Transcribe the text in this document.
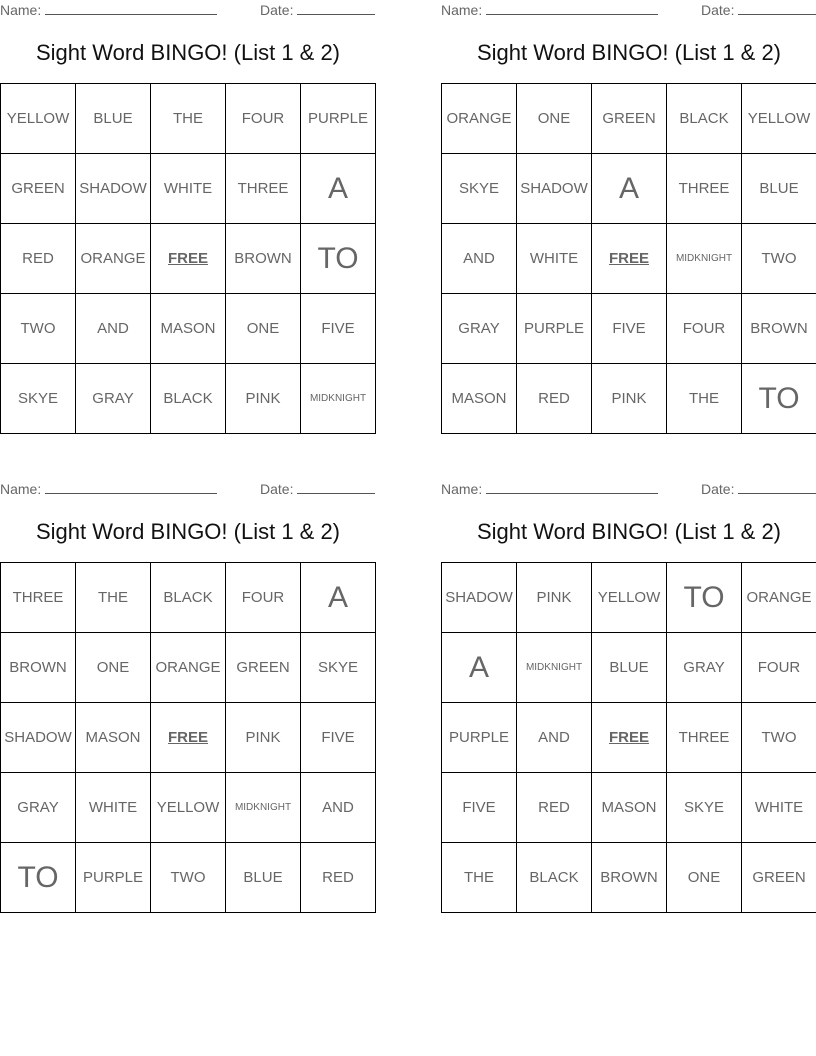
Name:	Date:
Sight Word BINGO! (List 1 & 2)
YELLOW	BLUE	THE	FOUR	PURPLE
GREEN	SHADOW	WHITE	THREE	A
RED	ORANGE	FREE	BROWN	TO
TWO	AND	MASON	ONE	FIVE
SKYE	GRAY	BLACK	PINK	MIDKNIGHT
Name:	Date:
Sight Word BINGO! (List 1 & 2)
ORANGE	ONE	GREEN	BLACK	YELLOW
SKYE	SHADOW	A	THREE	BLUE
AND	WHITE	FREE	MIDKNIGHT	TWO
GRAY	PURPLE	FIVE	FOUR	BROWN
MASON	RED	PINK	THE	TO
Name:	Date:
Sight Word BINGO! (List 1 & 2)
THREE	THE	BLACK	FOUR	A
BROWN	ONE	ORANGE	GREEN	SKYE
SHADOW	MASON	FREE	PINK	FIVE
GRAY	WHITE	YELLOW	MIDKNIGHT	AND
TO	PURPLE	TWO	BLUE	RED
Name:	Date:
Sight Word BINGO! (List 1 & 2)
SHADOW	PINK	YELLOW	TO	ORANGE
A	MIDKNIGHT	BLUE	GRAY	FOUR
PURPLE	AND	FREE	THREE	TWO
FIVE	RED	MASON	SKYE	WHITE
THE	BLACK	BROWN	ONE	GREEN
